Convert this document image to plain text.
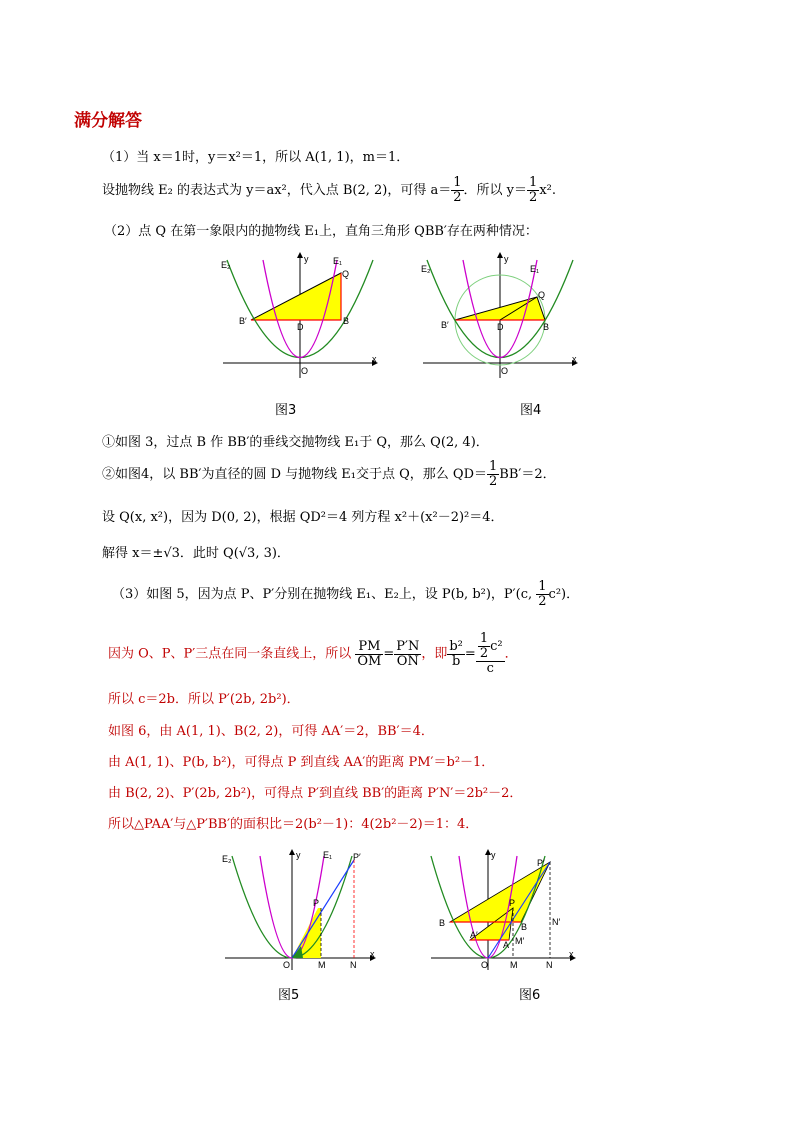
满分解答
（1）当 x＝1时，y＝x²＝1，所以 A(1, 1)，m＝1．
设抛物线 E₂ 的表达式为 y＝ax²，代入点 B(2, 2)，可得 $a= \frac{1}{2}$ ．所以 $y= \frac{1}{2} x^2$.
（2）点 Q 在第一象限内的抛物线 E₁上，直角三角形 QBB′存在两种情况：
E₂	E₁
y
x
O
Q
B
B′
D
E₂	E₁
y
x
O
Q
B
B′	D
图3	图4
①如图 3，过点 B 作 BB′的垂线交抛物线 E₁于 Q，那么 Q(2, 4)．
②如图4，以 BB′为直径的圆 D 与抛物线 E₁交于点 Q，那么 $QD= \frac{1}{2} BB'=2$．
设 Q(x, x²)，因为 D(0, 2)，根据 QD²＝4 列方程 x²＋(x²－2)²＝4．
解得 x＝±√3．此时 Q(√3, 3)．
（3）如图 5，因为点 P、P′分别在抛物线 E₁、E₂上，设 P(b, b²)，P′(c, $\frac{1}{2} c^2$)．
因为 O、P、P′三点在同一条直线上，所以 $\frac{PM}{OM} = \frac{P'N}{ON}$ ，即 $\frac{\text{b²}}{b} = \frac{\frac{1}{2} c^2}{c}$ ．
所以 c＝2b．所以 P′(2b, 2b²)．
如图 6，由 A(1, 1)、B(2, 2)，可得 AA′＝2，BB′＝4．
由 A(1, 1)、P(b, b²)，可得点 P 到直线 AA′的距离 PM′＝b²－1．
由 B(2, 2)、P′(2b, 2b²)，可得点 P′到直线 BB′的距离 P′N′＝2b²－2．
所以△PAA′与△P′BB′的面积比＝2(b²－1)：4(2b²－2)＝1：4．
E₂	E₁
y
x
O
P
P′
M	N
P′
P
B	B	N′
A′
A M′
y
x
O M	N
图5	图6
